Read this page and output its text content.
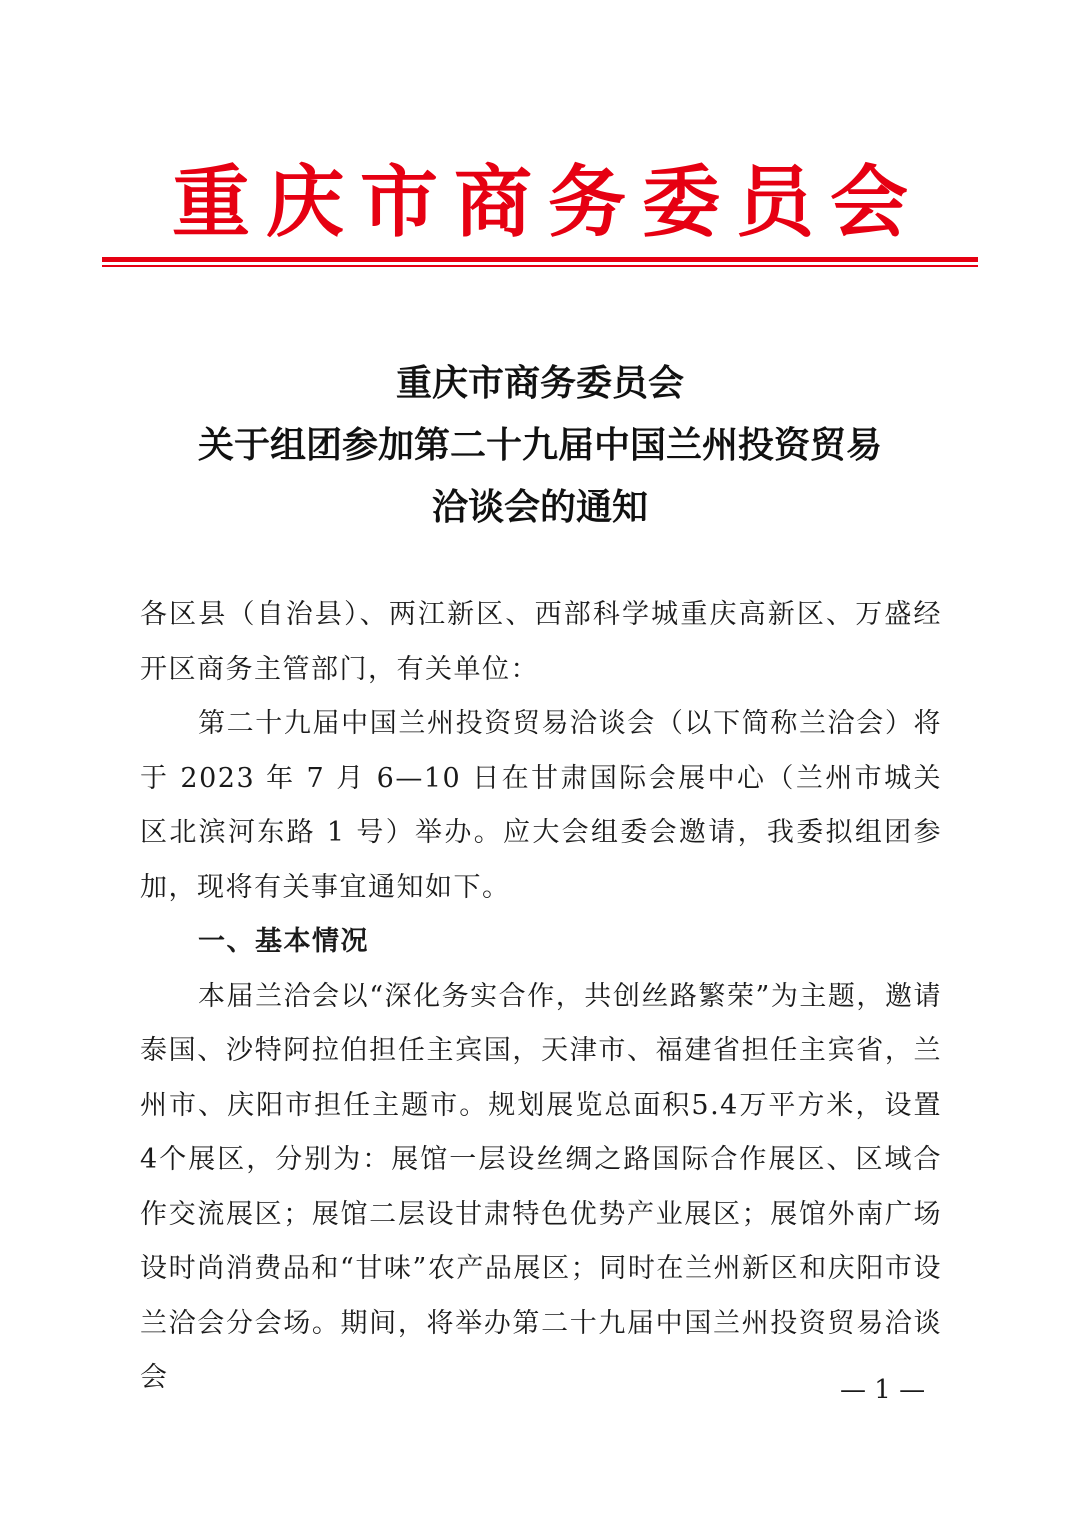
重庆市商务委员会
重庆市商务委员会
关于组团参加第二十九届中国兰州投资贸易
洽谈会的通知

各区县（自治县）、两江新区、西部科学城重庆高新区、万盛经开区商务主管部门，有关单位：

第二十九届中国兰州投资贸易洽谈会（以下简称兰洽会）将于 2023 年 7 月 6—10 日在甘肃国际会展中心（兰州市城关区北滨河东路 1 号）举办。应大会组委会邀请，我委拟组团参加，现将有关事宜通知如下。

一、基本情况

本届兰洽会以“深化务实合作，共创丝路繁荣”为主题，邀请泰国、沙特阿拉伯担任主宾国，天津市、福建省担任主宾省，兰州市、庆阳市担任主题市。规划展览总面积5.4万平方米，设置4个展区，分别为：展馆一层设丝绸之路国际合作展区、区域合作交流展区；展馆二层设甘肃特色优势产业展区；展馆外南广场设时尚消费品和“甘味”农产品展区；同时在兰州新区和庆阳市设兰洽会分会场。期间，将举办第二十九届中国兰州投资贸易洽谈会	— 1 —
